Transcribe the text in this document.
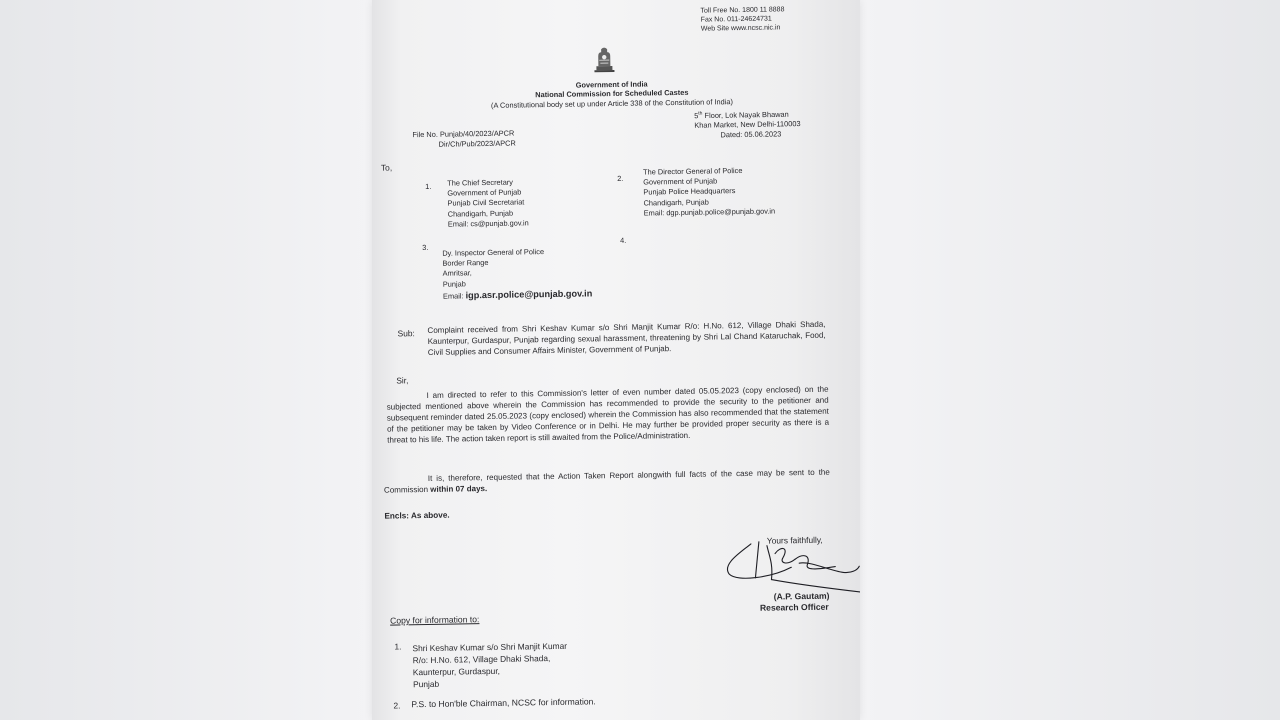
Toll Free No. 1800 11 8888
Fax No. 011-24624731
Web Site www.ncsc.nic.in
Government of India
National Commission for Scheduled Castes
(A Constitutional body set up under Article 338 of the Constitution of India)
File No. Punjab/40/2023/APCR
Dir/Ch/Pub/2023/APCR
5th Floor, Lok Nayak Bhawan
Khan Market, New Delhi-110003
Dated: 05.06.2023
To,
1. The Chief Secretary
Government of Punjab
Punjab Civil Secretariat
Chandigarh, Punjab
Email: cs@punjab.gov.in
2.
The Director General of Police
Government of Punjab
Punjab Police Headquarters
Chandigarh, Punjab
Email: dgp.punjab.police@punjab.gov.in
3. Dy. Inspector General of Police
Border Range
Amritsar,
Punjab
Email: igp.asr.police@punjab.gov.in
4.
Sub: Complaint received from Shri Keshav Kumar s/o Shri Manjit Kumar R/o: H.No. 612, Village Dhaki Shada, Kaunterpur, Gurdaspur, Punjab regarding sexual harassment, threatening by Shri Lal Chand Kataruchak, Food, Civil Supplies and Consumer Affairs Minister, Government of Punjab.
Sir,
I am directed to refer to this Commission's letter of even number dated 05.05.2023 (copy enclosed) on the subjected mentioned above wherein the Commission has recommended to provide the security to the petitioner and subsequent reminder dated 25.05.2023 (copy enclosed) wherein the Commission has also recommended that the statement of the petitioner may be taken by Video Conference or in Delhi. He may further be provided proper security as there is a threat to his life. The action taken report is still awaited from the Police/Administration.
It is, therefore, requested that the Action Taken Report alongwith full facts of the case may be sent to the Commission within 07 days.
Encls: As above.
Yours faithfully,
(A.P. Gautam)
Research Officer
Copy for information to:
1. Shri Keshav Kumar s/o Shri Manjit Kumar
R/o: H.No. 612, Village Dhaki Shada,
Kaunterpur, Gurdaspur,
Punjab
2. P.S. to Hon'ble Chairman, NCSC for information.
